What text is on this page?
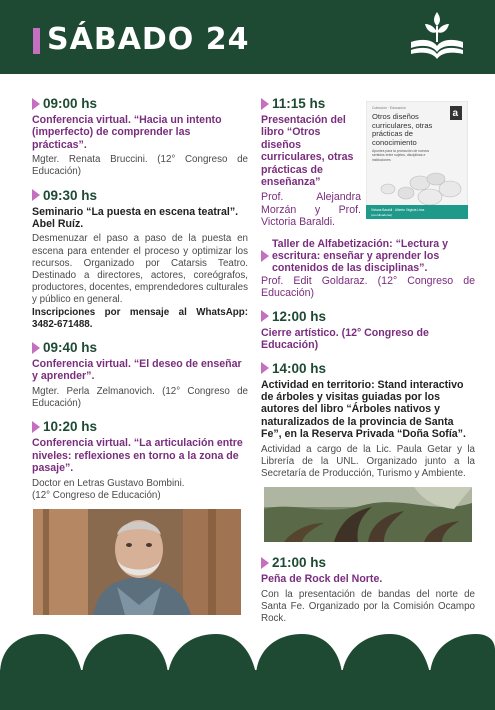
SÁBADO 24
09:00 hs
Conferencia virtual. “Hacia un intento (imperfecto) de comprender las prácticas”.
Mgter. Renata Bruccini. (12° Congreso de Educación)
09:30 hs
Seminario “La puesta en escena teatral”. Abel Ruíz.
Desmenuzar el paso a paso de la puesta en escena para entender el proceso y optimizar los recursos. Organizado por Catarsis Teatro. Destinado a directores, actores, coreógrafos, productores, docentes, emprendedores culturales y público en general.
Inscripciones por mensaje al WhatsApp: 3482-671488.
09:40 hs
Conferencia virtual. “El deseo de enseñar y aprender”.
Mgter. Perla Zelmanovich. (12° Congreso de Educación)
10:20 hs
Conferencia virtual. “La articulación entre niveles: reflexiones en torno a la zona de pasaje”.
Doctor en Letras Gustavo Bombini.
(12° Congreso de Educación)
11:15 hs
Presentación del libro “Otros diseños curriculares, otras prácticas de enseñanza”
Prof. Alejandra Morzán y Prof. Victoria Baraldi.
Taller de Alfabetización: “Lectura y escritura: enseñar y aprender los contenidos de las disciplinas”.
Prof. Edit Goldaraz. (12° Congreso de Educación)
12:00 hs
Cierre artístico. (12° Congreso de Educación)
14:00 hs
Actividad en territorio: Stand interactivo de árboles y visitas guiadas por los autores del libro “Árboles nativos y naturalizados de la provincia de Santa Fe”, en la Reserva Privada “Doña Sofía”.
Actividad a cargo de la Lic. Paula Getar y la Librería de la UNL. Organizado junto a la Secretaría de Producción, Turismo y Ambiente.
21:00 hs
Peña de Rock del Norte.
Con la presentación de bandas del norte de Santa Fe. Organizado por la Comisión Ocampo Rock.
Colección · Educación
Otros diseños curriculares, otras prácticas de conocimiento
a
Apuntes para la promoción de nuevos sentidos entre sujetos, disciplinas e instituciones
Viviana Baraldi · Alberto Virginia Lima
(coordinadoras)
